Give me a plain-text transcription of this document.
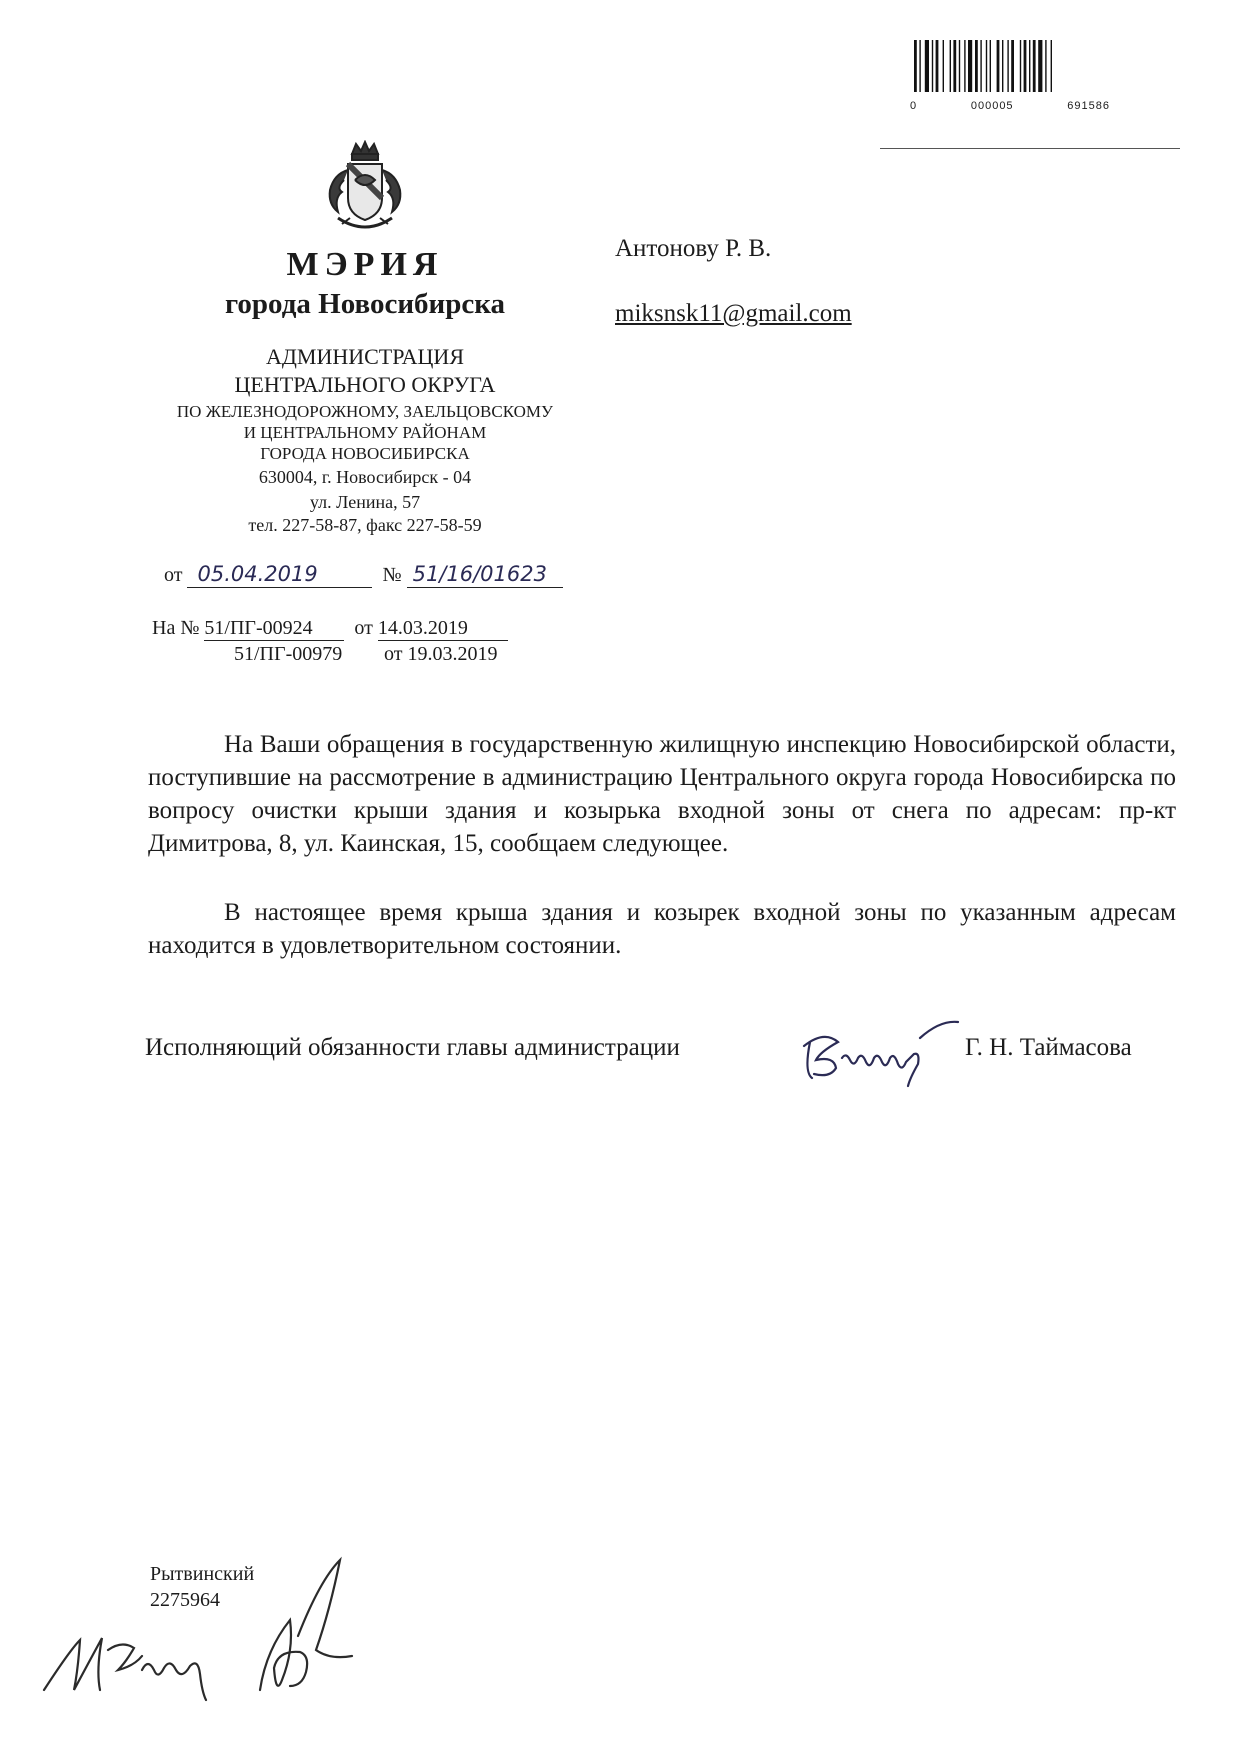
0	000005	691586
МЭРИЯ
города Новосибирска
АДМИНИСТРАЦИЯ
ЦЕНТРАЛЬНОГО ОКРУГА
ПО ЖЕЛЕЗНОДОРОЖНОМУ, ЗАЕЛЬЦОВСКОМУ
И ЦЕНТРАЛЬНОМУ РАЙОНАМ
ГОРОДА НОВОСИБИРСКА
630004, г. Новосибирск - 04
ул. Ленина, 57
тел. 227-58-87, факс 227-58-59
Антонову Р. В.
miksnsk11@gmail.com
от 05.04.2019	№ 51/16/01623
На № 51/ПГ-00924 от 14.03.2019
51/ПГ-00979 от 19.03.2019
На Ваши обращения в государственную жилищную инспекцию Новосибирской области, поступившие на рассмотрение в администрацию Центрального округа города Новосибирска по вопросу очистки крыши здания и козырька входной зоны от снега по адресам: пр-кт Димитрова, 8, ул. Каинская, 15, сообщаем следующее.
В настоящее время крыша здания и козырек входной зоны по указанным адресам находится в удовлетворительном состоянии.
Исполняющий обязанности главы администрации	Г. Н. Таймасова
Рытвинский
2275964
